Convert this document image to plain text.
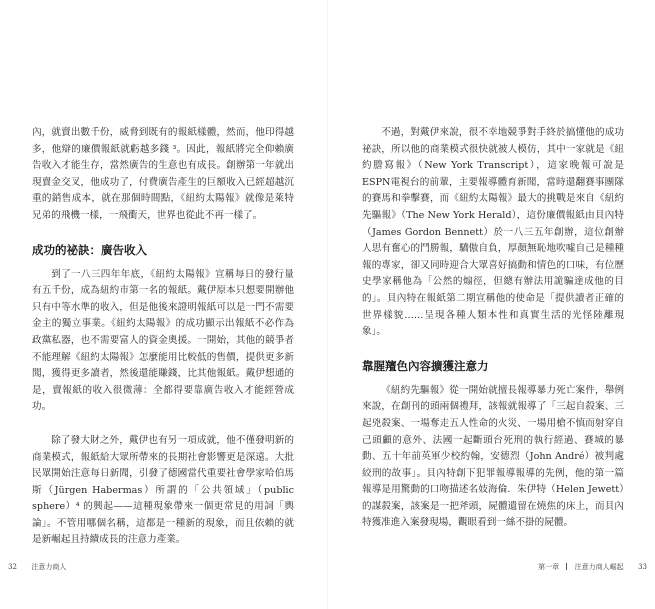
內，就賣出數千份，威脅到既有的報紙樣體，然而，他印得越多，他辯的廉價報紙就虧越多錢 ³。因此，報紙將完全仰賴廣告收入才能生存，當然廣告的生意也有成長。創辦第一年就出現賣金交叉，他成功了，付費廣告產生的巨額收入已經超越沉重的銷售成本，就在那個時間點，《紐約太陽報》就像是萊特兄弟的飛機一樣，一飛衝天，世界也從此不再一樣了。

成功的祕訣：廣告收入

到了一八三四年年底，《紐約太陽報》宣稱每日的發行量有五千份，成為紐約市第一名的報紙。戴伊原本只想要開辦他只有中等水準的收入，但是他後來證明報紙可以是一門不需要金主的獨立事業。《紐約太陽報》的成功顯示出報紙不必作為政黨私器，也不需要富人的資金奧援。一開始，其他的競爭者不能理解《紐約太陽報》怎麼能用比較低的售價，提供更多新聞，獲得更多讀者，然後還能賺錢，比其他報紙。戴伊想通的是，賣報紙的收入很微薄：全都得要靠廣告收入才能經營成功。

除了發大財之外，戴伊也有另一項成就，他不僅發明新的商業模式，報紙給大眾所帶來的長期社會影響更是深遠。大批民眾開始注意每日新聞，引發了德國當代重要社會學家哈伯馬斯（Jürgen Habermas）所謂的「公共領域」（public sphere）⁴ 的興起——這種現象帶來一個更常見的用詞「輿論」。不管用哪個名稱，這都是一種新的現象，而且依賴的就是新崛起且持續成長的注意力產業。

32 注意力商人

不過，對戴伊來說，很不幸地競爭對手終於搞懂他的成功祕訣，所以他的商業模式很快就被人模仿，其中一家就是《紐約謄寫報》（New York Transcript），這家晚報可說是ESPN電視台的前輩，主要報導體育新聞，當時還翻賽事團隊的賽馬和拳擊賽，而《紐約太陽報》最大的挑戰是來自《紐約先驅報》（The New York Herald），這份廉價報紙由貝內特（James Gordon Bennett）於一八三五年創辦，這位創辦人思有奮心的鬥勝報，驕傲自負，厚顏無恥地吹噓自己是種種報的專家，卻又同時迎合大眾喜好搞動和情色的口味，有位歷史學家稱他為「公然的煽徑，但總有辦法用詭騙達成他的目的」。貝內特在報紙第二期宣稱他的使命是「提供讀者正確的世界樣貌……呈現各種人類本性和真實生活的光怪陸離現象」。

靠腥羶色內容擴獲注意力

《紐約先驅報》從一開始就擅長報導暴力死亡案件，舉例來說，在創刊的頭兩個禮拜，該報就報導了「三起自殺案、三起兇殺案、一場奪走五人性命的火災、一場用槍不慎而射穿自己頭顱的意外、法國一起斷頭台死刑的執行經過、賽城的暴動、五十年前英軍少校約翰，安德烈（John André）被判處絞刑的故事」。貝內特創下犯罪報導報導的先例，他的第一篇報導是用驚動的口吻描述名妓海倫．朱伊特（Helen Jewett）的謀殺案，該案是一把斧頭，屍體遺留在燒焦的床上，而貝內特獲准進入案發現場，觀眼看到一絲不掛的屍體。

第一章 注意力商人崛起 33
